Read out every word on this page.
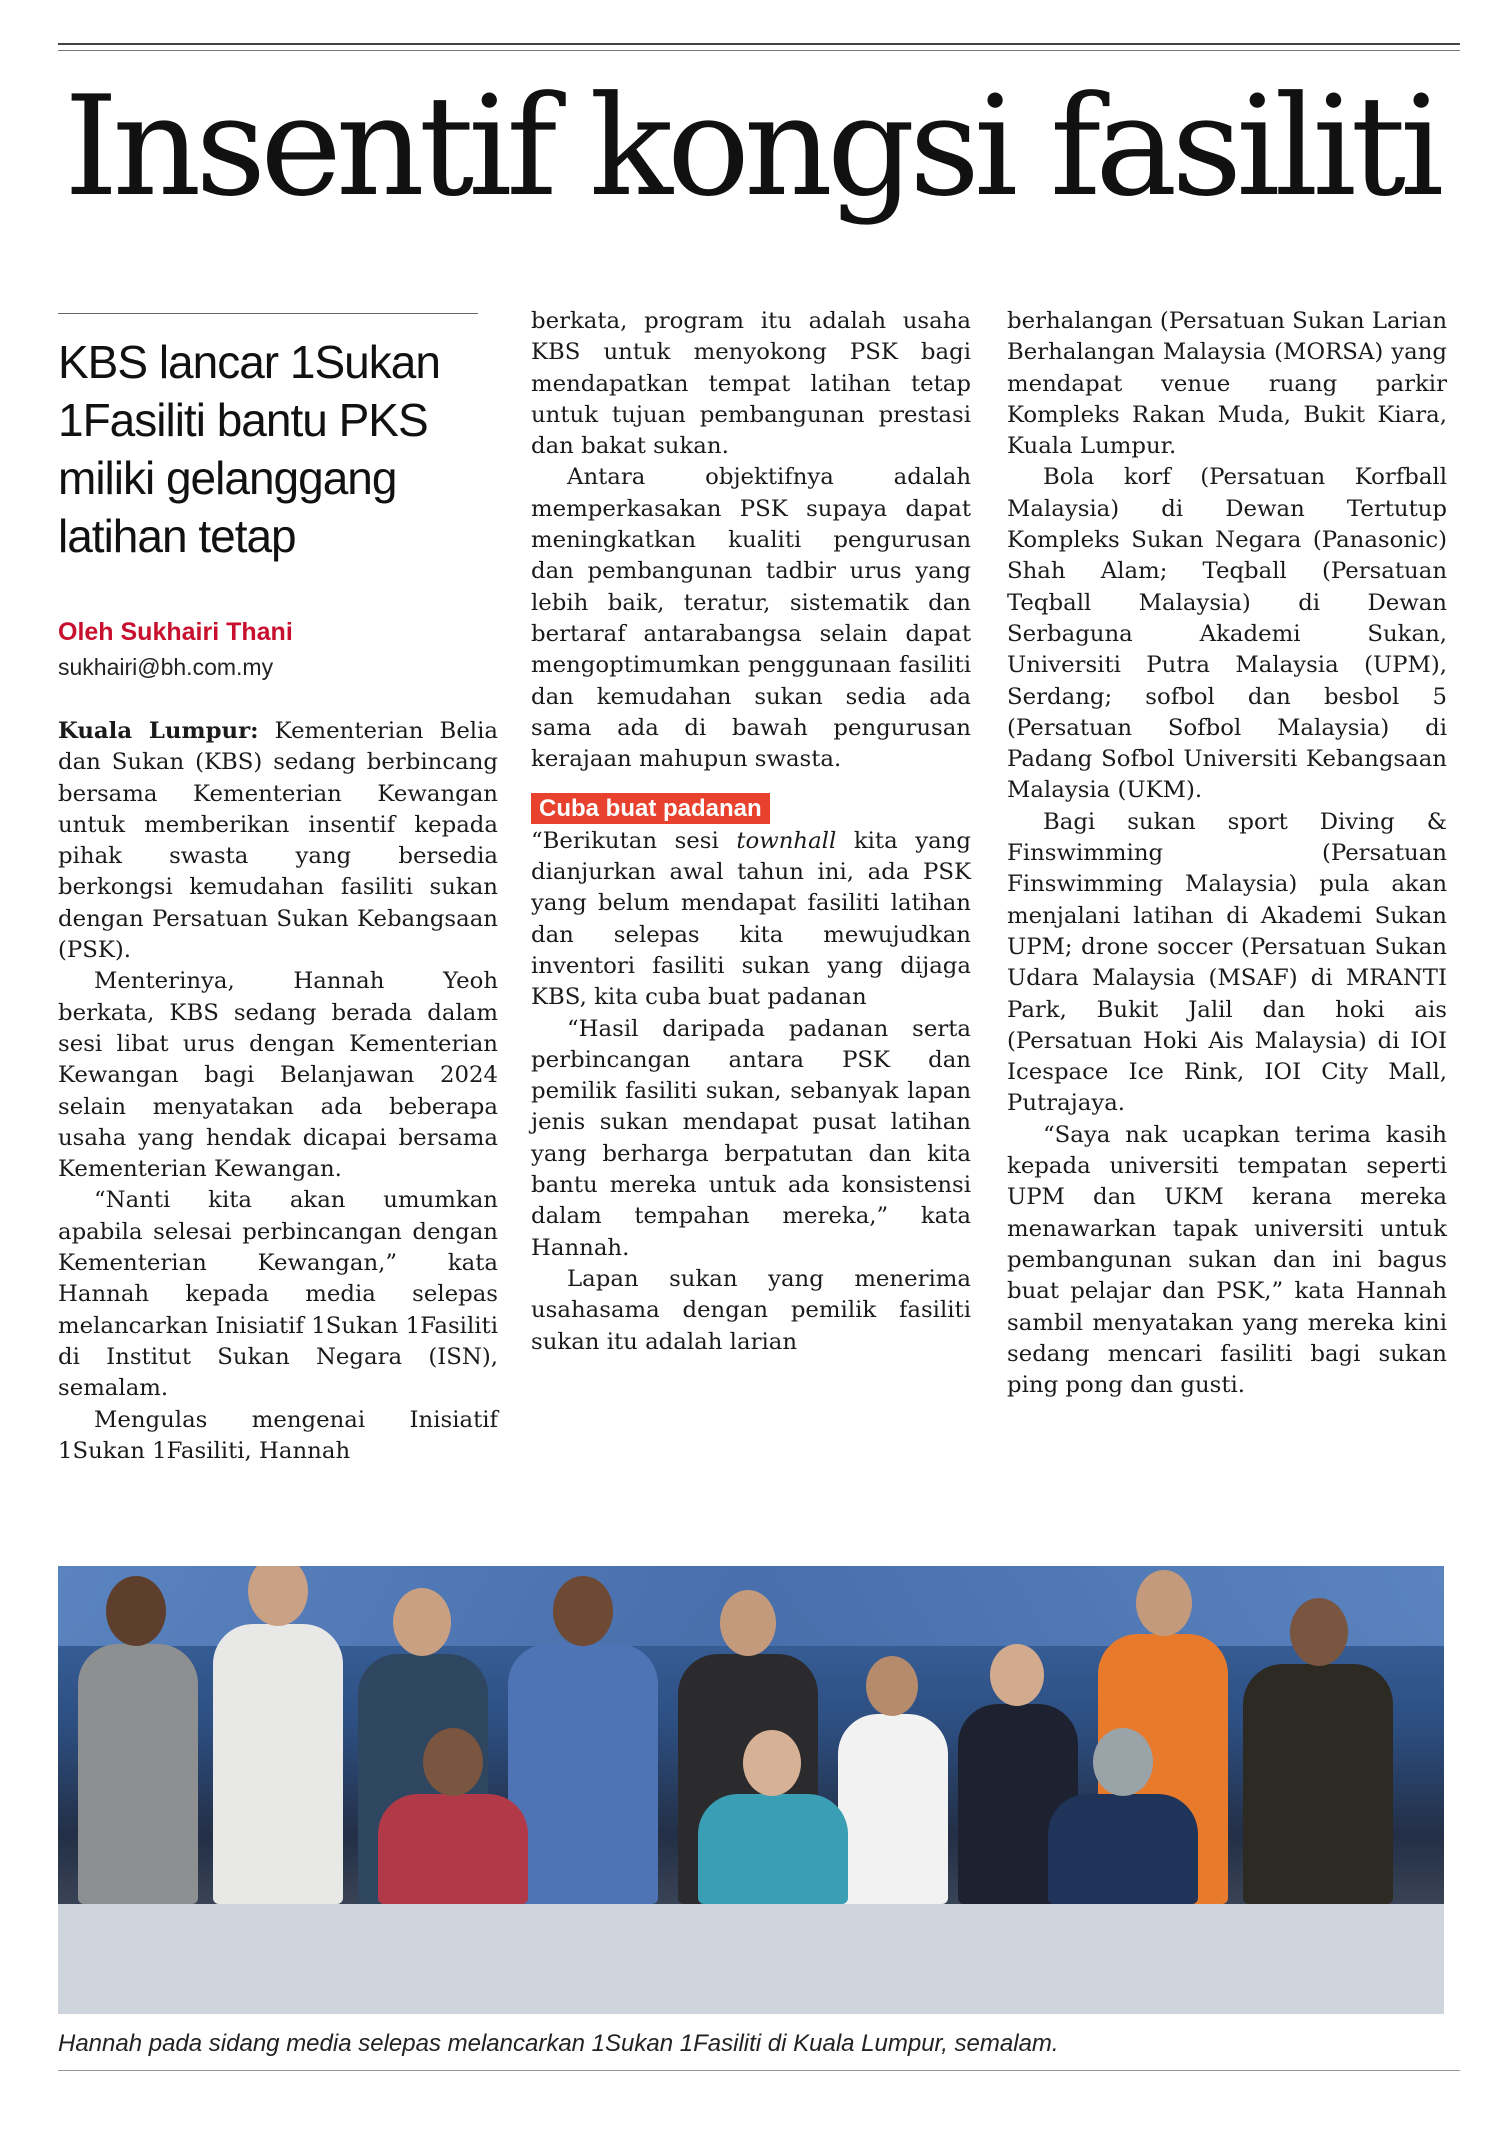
Insentif kongsi fasiliti
KBS lancar 1Sukan 1Fasiliti bantu PKS miliki gelanggang latihan tetap
Oleh Sukhairi Thani
sukhairi@bh.com.my

Kuala Lumpur: Kementerian Belia dan Sukan (KBS) sedang berbincang bersama Kementerian Kewangan untuk memberikan insentif kepada pihak swasta yang bersedia berkongsi kemudahan fasiliti sukan dengan Persatuan Sukan Kebangsaan (PSK).

Menterinya, Hannah Yeoh berkata, KBS sedang berada dalam sesi libat urus dengan Kementerian Kewangan bagi Belanjawan 2024 selain menyatakan ada beberapa usaha yang hendak dicapai bersama Kementerian Kewangan.

“Nanti kita akan umumkan apabila selesai perbincangan dengan Kementerian Kewangan,” kata Hannah kepada media selepas melancarkan Inisiatif 1Sukan 1Fasiliti di Institut Sukan Negara (ISN), semalam.

Mengulas mengenai Inisiatif 1Sukan 1Fasiliti, Hannah

berkata, program itu adalah usaha KBS untuk menyokong PSK bagi mendapatkan tempat latihan tetap untuk tujuan pembangunan prestasi dan bakat sukan.

Antara objektifnya adalah memperkasakan PSK supaya dapat meningkatkan kualiti pengurusan dan pembangunan tadbir urus yang lebih baik, teratur, sistematik dan bertaraf antarabangsa selain dapat mengoptimumkan penggunaan fasiliti dan kemudahan sukan sedia ada sama ada di bawah pengurusan kerajaan mahupun swasta.

Cuba buat padanan

“Berikutan sesi townhall kita yang dianjurkan awal tahun ini, ada PSK yang belum mendapat fasiliti latihan dan selepas kita mewujudkan inventori fasiliti sukan yang dijaga KBS, kita cuba buat padanan

“Hasil daripada padanan serta perbincangan antara PSK dan pemilik fasiliti sukan, sebanyak lapan jenis sukan mendapat pusat latihan yang berharga berpatutan dan kita bantu mereka untuk ada konsistensi dalam tempahan mereka,” kata Hannah.

Lapan sukan yang menerima usahasama dengan pemilik fasiliti sukan itu adalah larian

berhalangan (Persatuan Sukan Larian Berhalangan Malaysia (MORSA) yang mendapat venue ruang parkir Kompleks Rakan Muda, Bukit Kiara, Kuala Lumpur.

Bola korf (Persatuan Korfball Malaysia) di Dewan Tertutup Kompleks Sukan Negara (Panasonic) Shah Alam; Teqball (Persatuan Teqball Malaysia) di Dewan Serbaguna Akademi Sukan, Universiti Putra Malaysia (UPM), Serdang; sofbol dan besbol 5 (Persatuan Sofbol Malaysia) di Padang Sofbol Universiti Kebangsaan Malaysia (UKM).

Bagi sukan sport Diving & Finswimming (Persatuan Finswimming Malaysia) pula akan menjalani latihan di Akademi Sukan UPM; drone soccer (Persatuan Sukan Udara Malaysia (MSAF) di MRANTI Park, Bukit Jalil dan hoki ais (Persatuan Hoki Ais Malaysia) di IOI Icespace Ice Rink, IOI City Mall, Putrajaya.

“Saya nak ucapkan terima kasih kepada universiti tempatan seperti UPM dan UKM kerana mereka menawarkan tapak universiti untuk pembangunan sukan dan ini bagus buat pelajar dan PSK,” kata Hannah sambil menyatakan yang mereka kini sedang mencari fasiliti bagi sukan ping pong dan gusti.

Hannah pada sidang media selepas melancarkan 1Sukan 1Fasiliti di Kuala Lumpur, semalam.
